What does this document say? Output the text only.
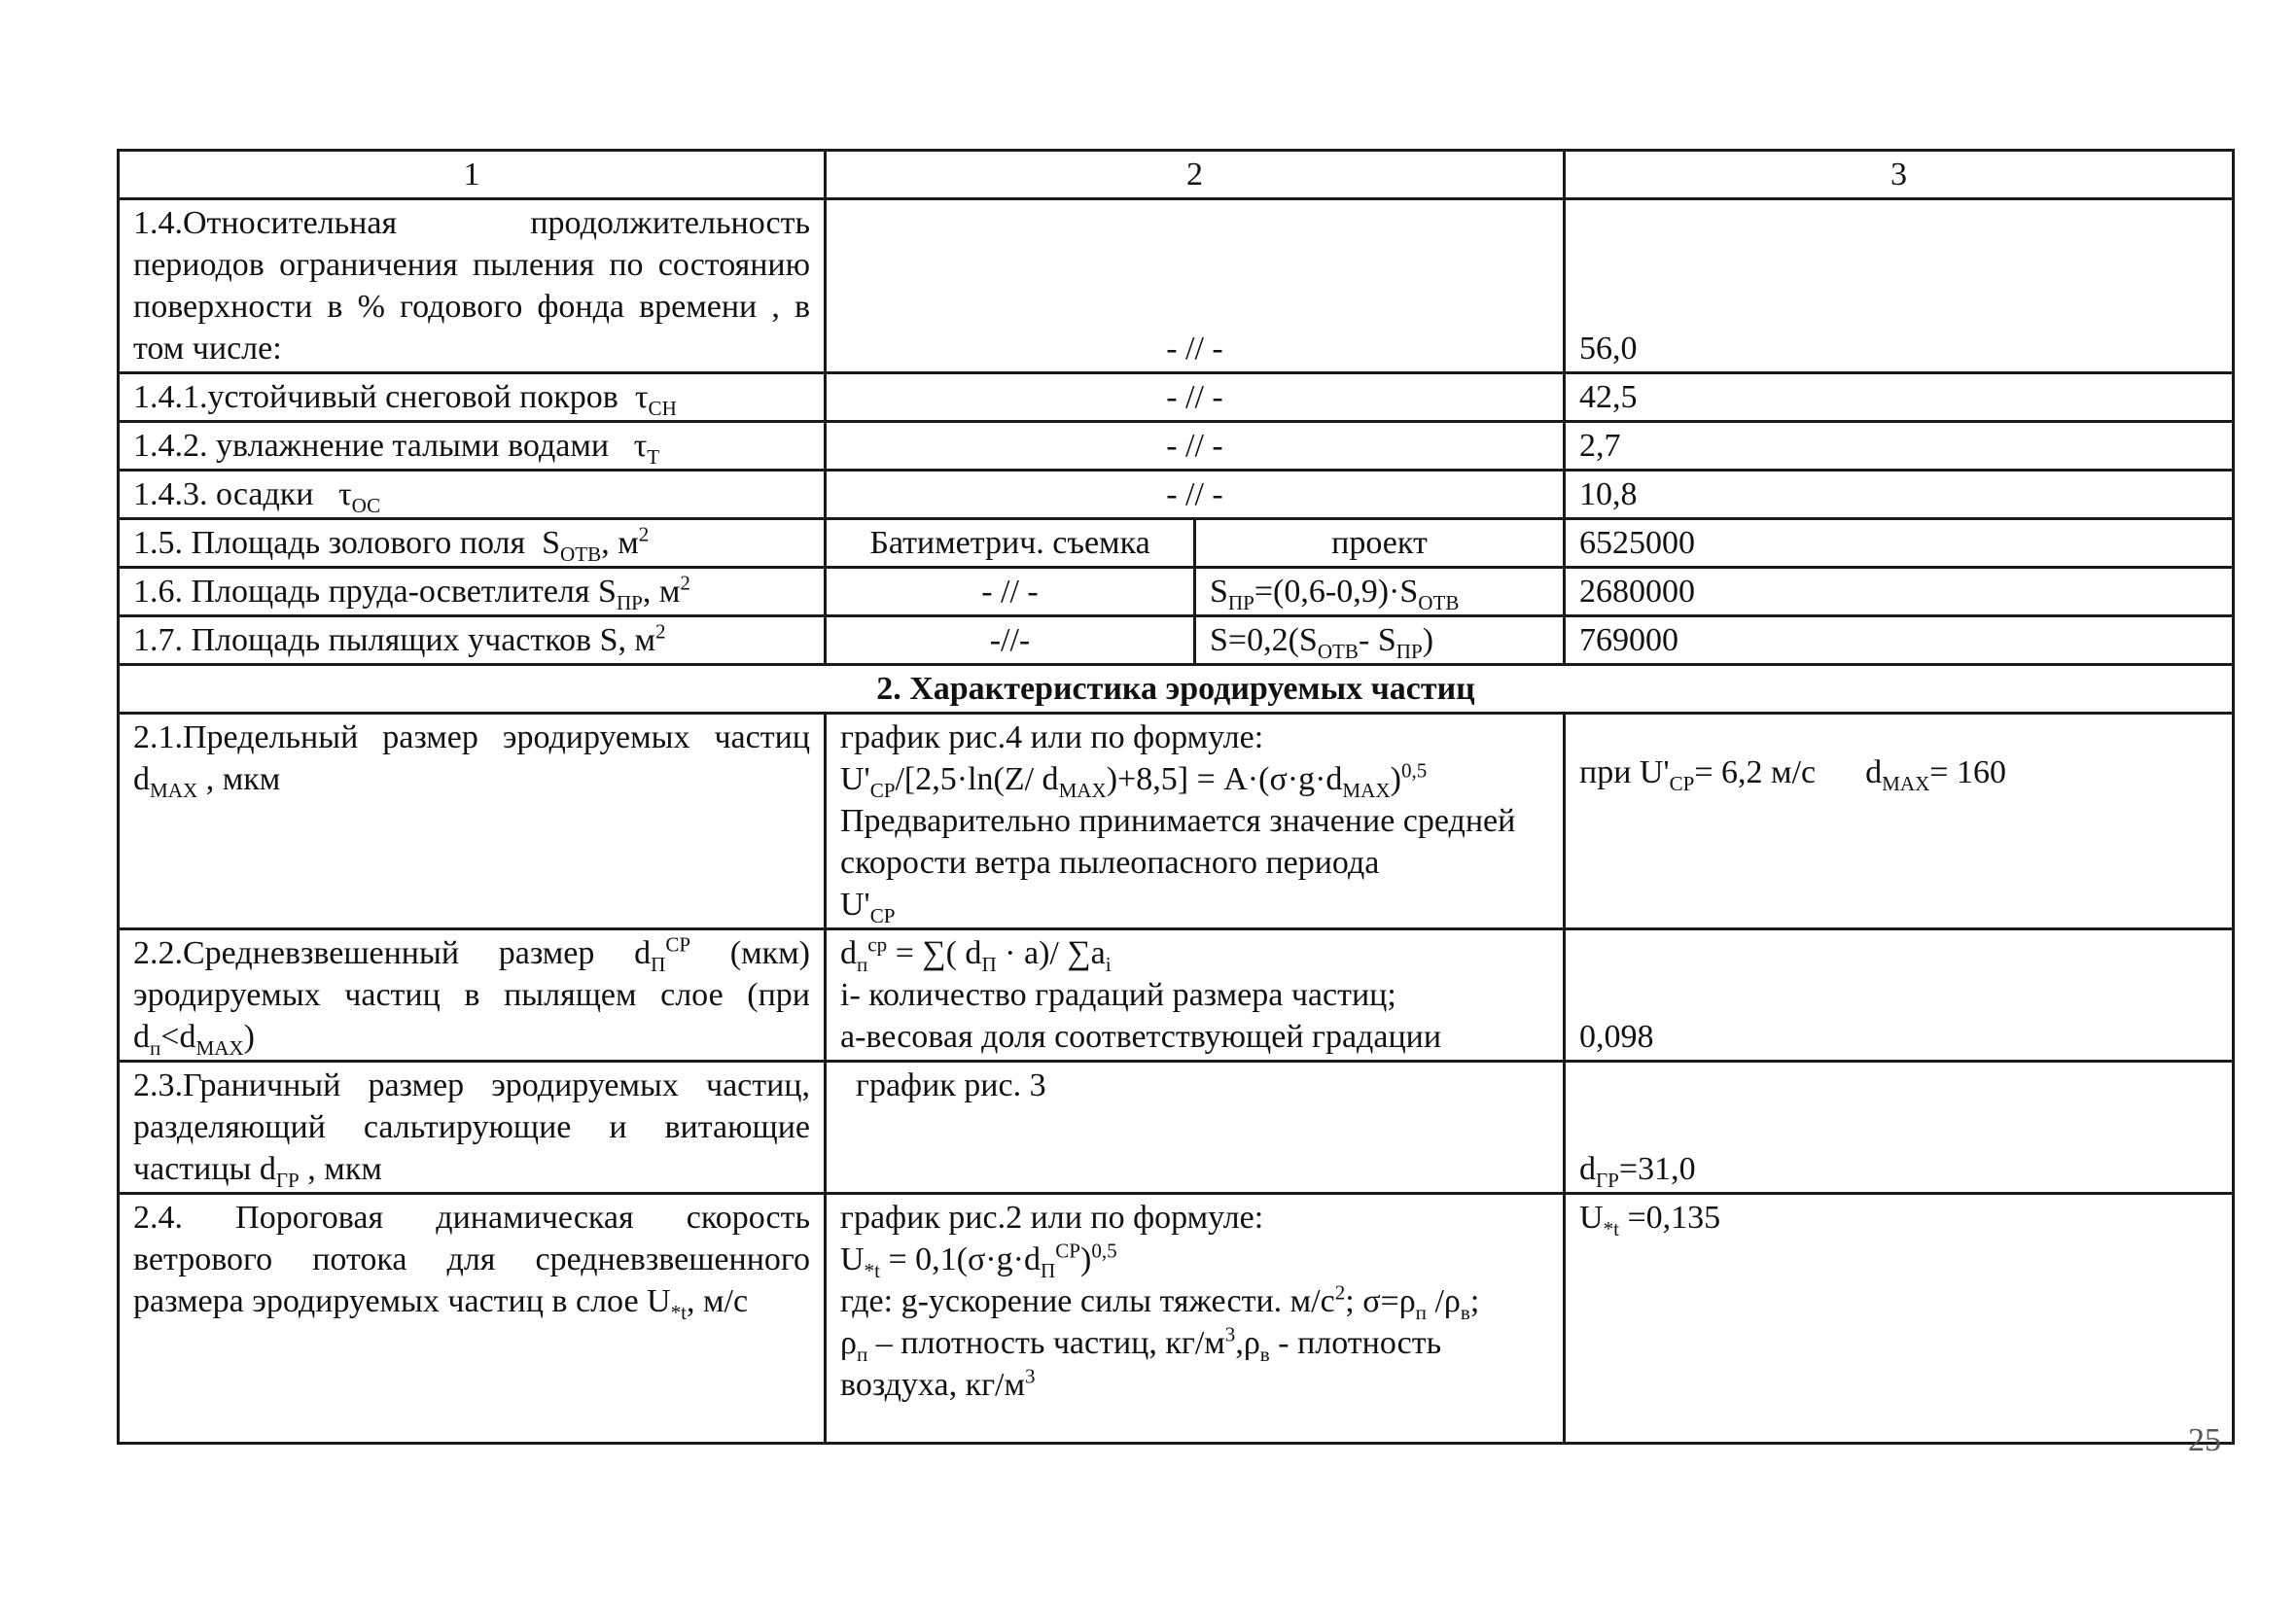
1	2		3
1.4.Относительная продолжительность периодов ограничения пыления по состоянию поверхности в % годового фонда времени , в том числе:	- // -		56,0
1.4.1.устойчивый снеговой покров $\tau_{СН}$	- // -		42,5
1.4.2. увлажнение талыми водами $\tau_Т$	- // -		2,7
1.4.3. осадки $\tau_{ОС}$	- // -		10,8
1.5. Площадь золового поля $S_{ОТВ}$, $м^2$	Батиметрич. съемка	проект	6525000
1.6. Площадь пруда-осветлителя $S_{ПР}$, $м^2$	- // -	$S_{ПР}=(0,6-0,9)\cdot S_{ОТВ}$	2680000
1.7. Площадь пылящих участков S, $м^2$	-//-	$S=0,2(S_{ОТВ}-$ $S_{ПР}$)	769000
2. Характеристика эродируемых частиц			
2.1.Предельный размер эродируемых частиц $d_{MAX}$ , мкм	график рис.4 или по формуле:
$U'_{СР}/[2,5\cdot\ln(Z/$ $d_{MAX})+8,5] = A\cdot(\sigma\cdot g\cdot d_{MAX})^{0,5}$
Предварительно принимается значение средней скорости ветра пылеопасного периода
$U'_{СР}$		при $U'_{СР}= 6,2$ м/с $d_{MAX}= 160$
2.2.Средневзвешенный размер $d_П^{СР}$ (мкм) эродируемых частиц в пылящем слое (при $d_п<d_{MAX}$)	$d_п^{ср}$ = ∑( $d_П \cdot a)/$ $\sum a_i$
i- количество градаций размера частиц;
а-весовая доля соответствующей градации		0,098
2.3.Граничный размер эродируемых частиц, разделяющий сальтирующие и витающие частицы $d_{ГР}$ , мкм	график рис. 3		$d_{ГР}=31,0$
2.4. Пороговая динамическая скорость ветрового потока для средневзвешенного размера эродируемых частиц в слое $U_{*t}$, м/с	график рис.2 или по формуле:
$U_{*t} = 0,1(\sigma\cdot g\cdot d_П^{СР})^{0,5}$
где: g-ускорение силы тяжести. $м/с^2$; $\sigma=\rho_п$ $/\rho_в$;
$\rho_п$ – плотность частиц, $кг/м^3,\rho_в$ - плотность
воздуха, $кг/м^3$		$U_{*t} =0,135$
25
